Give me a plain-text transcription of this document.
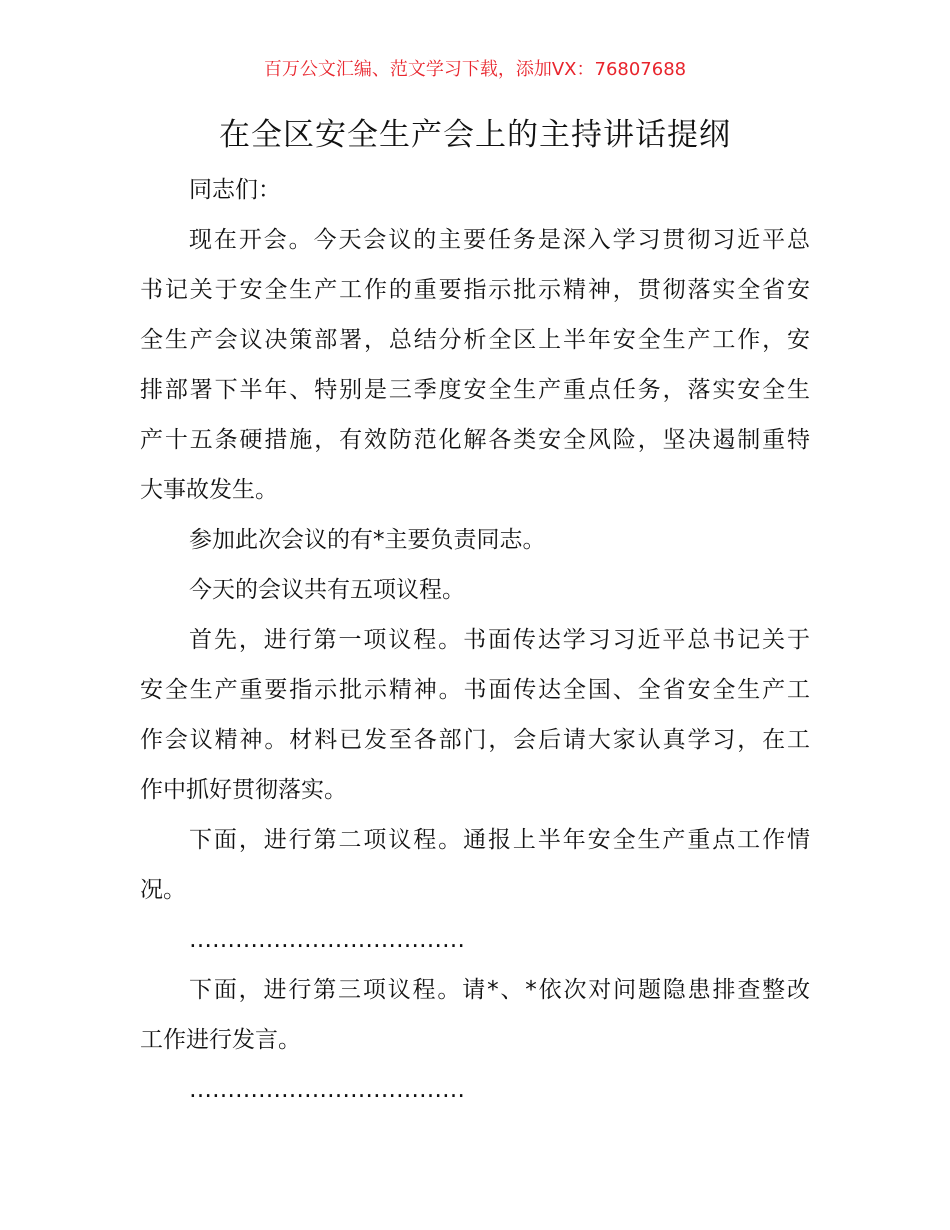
百万公文汇编、范文学习下载，添加VX：76807688
在全区安全生产会上的主持讲话提纲
同志们：
现在开会。今天会议的主要任务是深入学习贯彻习近平总
书记关于安全生产工作的重要指示批示精神，贯彻落实全省安
全生产会议决策部署，总结分析全区上半年安全生产工作，安
排部署下半年、特别是三季度安全生产重点任务，落实安全生
产十五条硬措施，有效防范化解各类安全风险，坚决遏制重特
大事故发生。
参加此次会议的有*主要负责同志。
今天的会议共有五项议程。
首先，进行第一项议程。书面传达学习习近平总书记关于
安全生产重要指示批示精神。书面传达全国、全省安全生产工
作会议精神。材料已发至各部门，会后请大家认真学习，在工
作中抓好贯彻落实。
下面，进行第二项议程。通报上半年安全生产重点工作情
况。
………………………………
下面，进行第三项议程。请*、*依次对问题隐患排查整改
工作进行发言。
………………………………
